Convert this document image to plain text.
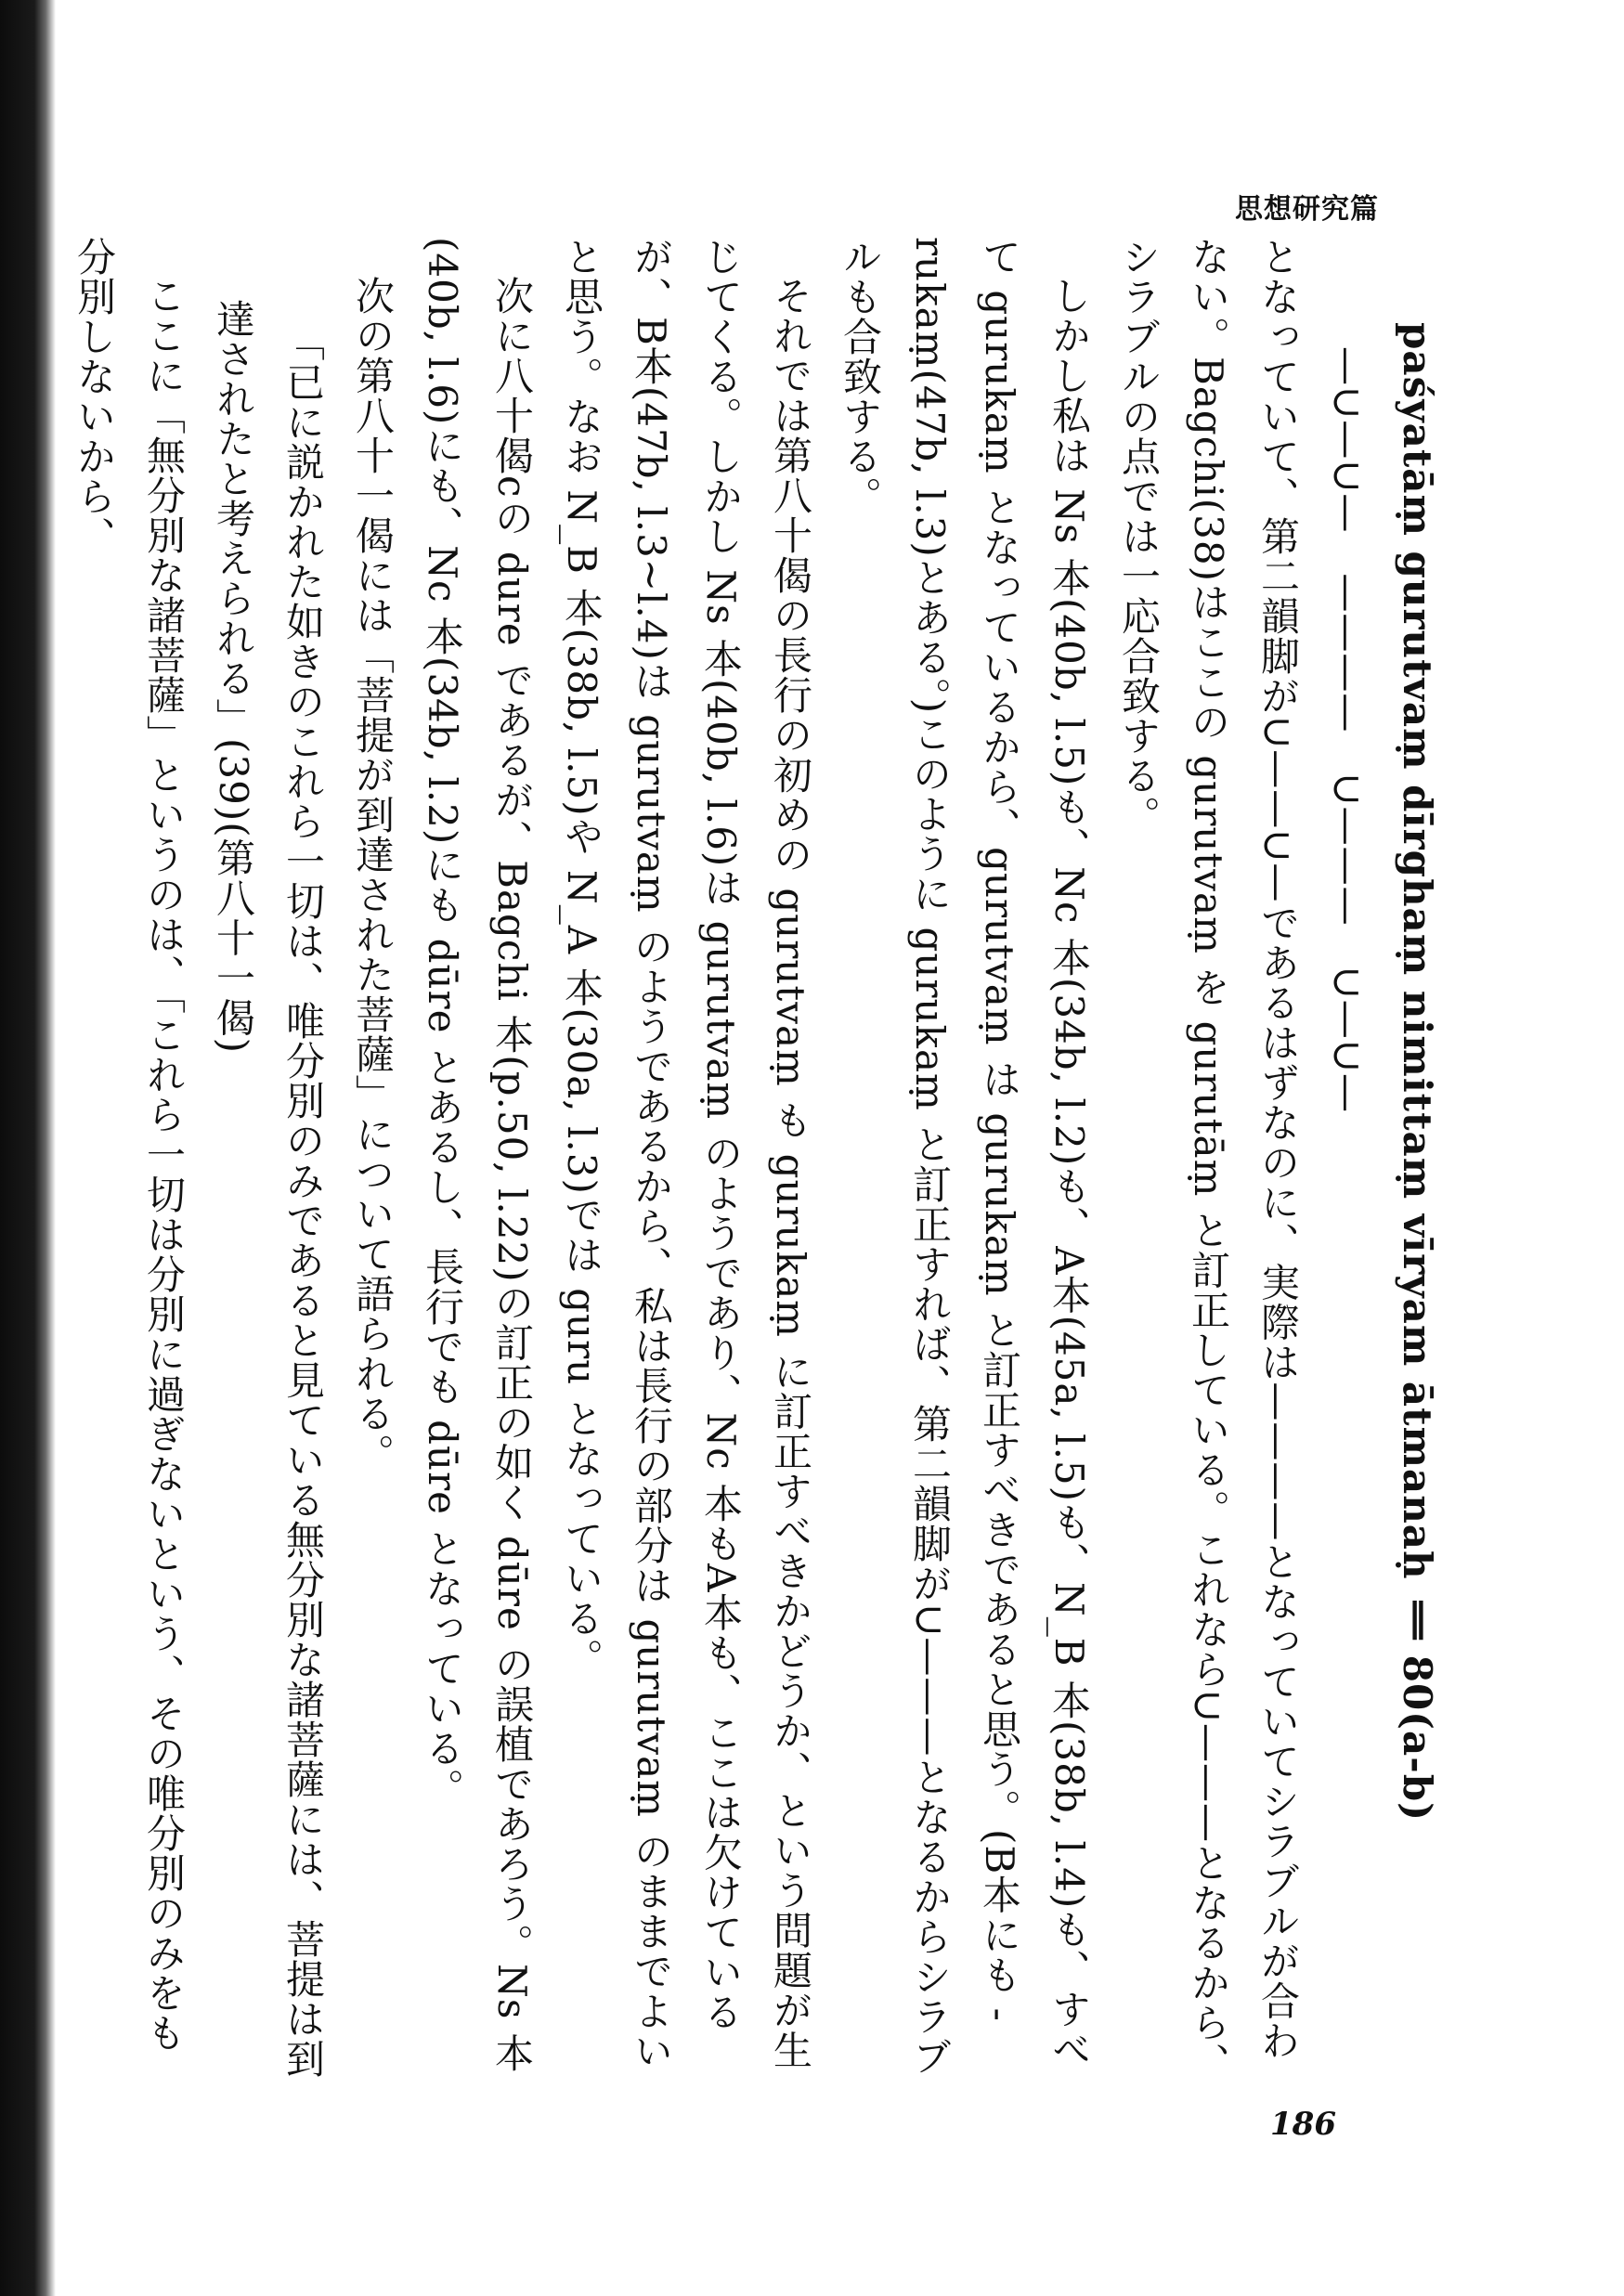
思想研究篇

paśyatāṃ gurutvaṃ dīrghaṃ nimittaṃ vīryam ātmanaḥ ‖ 80(a-b)

—∪—∪—　————　∪———　∪—∪—

となっていて、第二韻脚が∪——∪—であるはずなのに、実際は————となっていてシラブルが合わない。Bagchi(38)はここの gurutvaṃ を gurutāṃ と訂正している。これなら∪———となるから、シラブルの点では一応合致する。

しかし私は Ns 本(40b, l.5)も、Nc 本(34b, l.2)も、A本(45a, l.5)も、N_B 本(38b, l.4)も、すべて gurukaṃ となっているから、gurutvaṃ は gurukaṃ と訂正すべきであると思う。(B本にも -rukaṃ(47b, l.3)とある。)このように gurukaṃ と訂正すれば、第二韻脚が∪———となるからシラブルも合致する。

それでは第八十偈の長行の初めの gurutvaṃ も gurukaṃ に訂正すべきかどうか、という問題が生じてくる。しかし Ns 本(40b, l.6)は gurutvaṃ のようであり、Nc 本もA本も、ここは欠けているが、B本(47b, l.3~l.4)は gurutvaṃ のようであるから、私は長行の部分は gurutvaṃ のままでよいと思う。なお N_B 本(38b, l.5)や N_A 本(30a, l.3)では guru となっている。

次に八十偈cの dure であるが、Bagchi 本(p.50, l.22)の訂正の如く dūre の誤植であろう。Ns 本(40b, l.6)にも、Nc 本(34b, l.2)にも dūre とあるし、長行でも dūre となっている。

次の第八十一偈には「菩提が到達された菩薩」について語られる。

「已に説かれた如きのこれら一切は、唯分別のみであると見ている無分別な諸菩薩には、菩提は到達されたと考えられる」(39)(第八十一偈)

ここに「無分別な諸菩薩」というのは、「これら一切は分別に過ぎないという、その唯分別のみをも分別しないから、

186
